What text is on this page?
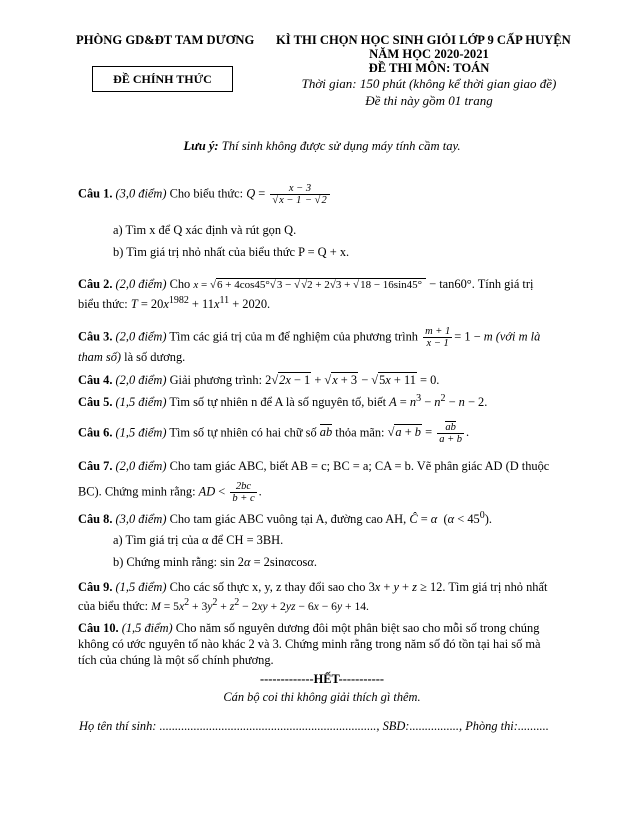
PHÒNG GD&ĐT TAM DƯƠNG KÌ THI CHỌN HỌC SINH GIỎI LỚP 9 CẤP HUYỆN
NĂM HỌC 2020-2021
ĐỀ THI MÔN: TOÁN
Thời gian: 150 phút (không kể thời gian giao đề)
Đề thi này gồm 01 trang
ĐỀ CHÍNH THỨC
Lưu ý: Thí sinh không được sử dụng máy tính cầm tay.
Câu 1. (3,0 điểm) Cho biểu thức: $Q = \frac{x - 3}{√x - 1 - √2}$
a) Tìm x để Q xác định và rút gọn Q.
b) Tìm giá trị nhỏ nhất của biểu thức P = Q + x.
Câu 2. (2,0 điểm) Cho x = √6 + 4cos45°√3 − √√2 + 2√3 + √18 − 16sin45° − tan60°. Tính giá trị
biểu thức: $T = 20x^{1982} + 11x^{11} + 2020$.
Câu 3. (2,0 điểm) Tìm các giá trị của m để nghiệm của phương trình $\frac{m + 1}{x - 1} = 1 - m$ (với m là
tham số) là số dương.
Câu 4. (2,0 điểm) Giải phương trình: 2√2x − 1 + √x + 3 − √5x + 11 = 0.
Câu 5. (1,5 điểm) Tìm số tự nhiên n để A là số nguyên tố, biết $A = n^3 - n^2 - n - 2$.
Câu 6. (1,5 điểm) Tìm số tự nhiên có hai chữ số ab thỏa mãn: $√a + b = \frac{ab}{a + b}$ .
Câu 7. (2,0 điểm) Cho tam giác ABC, biết AB = c; BC = a; CA = b. Vẽ phân giác AD (D thuộc
BC). Chứng minh rằng: AD < $\frac{2bc}{b + c}$ .
Câu 8. (3,0 điểm) Cho tam giác ABC vuông tại A, đường cao AH, Ĉ = α  $(\alpha < 45^0)$.
a) Tìm giá trị của α để CH = 3BH.
b) Chứng minh rằng: sin 2α = 2sinαcosα.
Câu 9. (1,5 điểm) Cho các số thực x, y, z thay đổi sao cho 3x + y + z ≥ 12. Tìm giá trị nhỏ nhất
của biểu thức: M = 5x2 + 3y2 + z2 − 2xy + 2yz − 6x − 6y + 14.
Câu 10. (1,5 điểm) Cho năm số nguyên dương đôi một phân biệt sao cho mỗi số trong chúng
không có ước nguyên tố nào khác 2 và 3. Chứng minh rằng trong năm số đó tồn tại hai số mà
tích của chúng là một số chính phương.
-------------HẾT-----------
Cán bộ coi thi không giải thích gì thêm.
Họ tên thí sinh: ......................................................................, SBD:................, Phòng thi:..........
